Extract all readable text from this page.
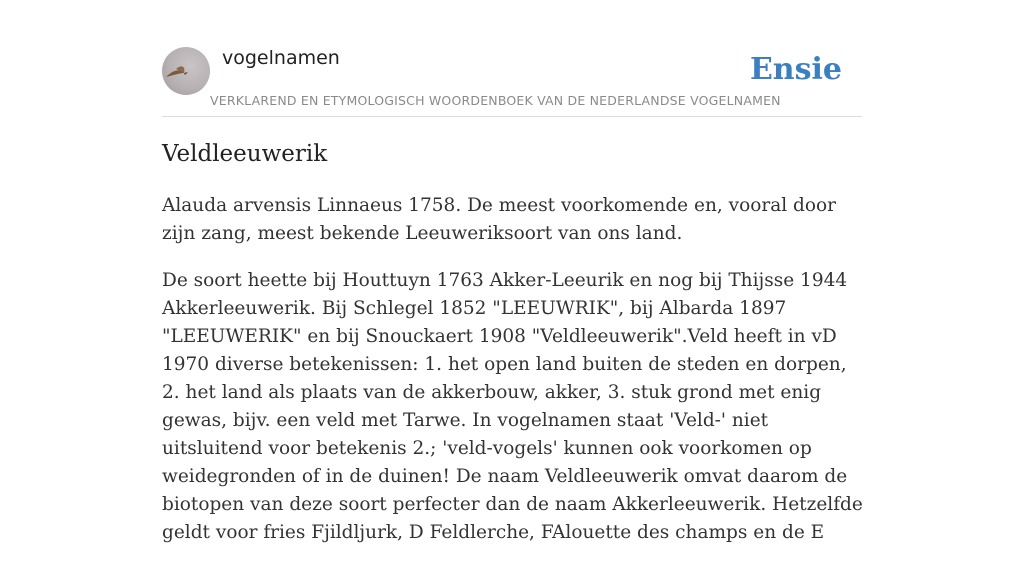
vogelnamen	Ensie
VERKLAREND EN ETYMOLOGISCH WOORDENBOEK VAN DE NEDERLANDSE VOGELNAMEN
Veldleeuwerik

Alauda arvensis Linnaeus 1758. De meest voorkomende en, vooral door zijn zang, meest bekende Leeuweriksoort van ons land.

De soort heette bij Houttuyn 1763 Akker-Leeurik en nog bij Thijsse 1944 Akkerleeuwerik. Bij Schlegel 1852 "LEEUWRIK", bij Albarda 1897 "LEEUWERIK" en bij Snouckaert 1908 "Veldleeuwerik".Veld heeft in vD 1970 diverse betekenissen: 1. het open land buiten de steden en dorpen, 2. het land als plaats van de akkerbouw, akker, 3. stuk grond met enig gewas, bijv. een veld met Tarwe. In vogelnamen staat 'Veld-' niet uitsluitend voor betekenis 2.; 'veld-vogels' kunnen ook voorkomen op weidegronden of in de duinen! De naam Veldleeuwerik omvat daarom de biotopen van deze soort perfecter dan de naam Akkerleeuwerik. Hetzelfde geldt voor fries Fjildljurk, D Feldlerche, FAlouette des champs en de E
